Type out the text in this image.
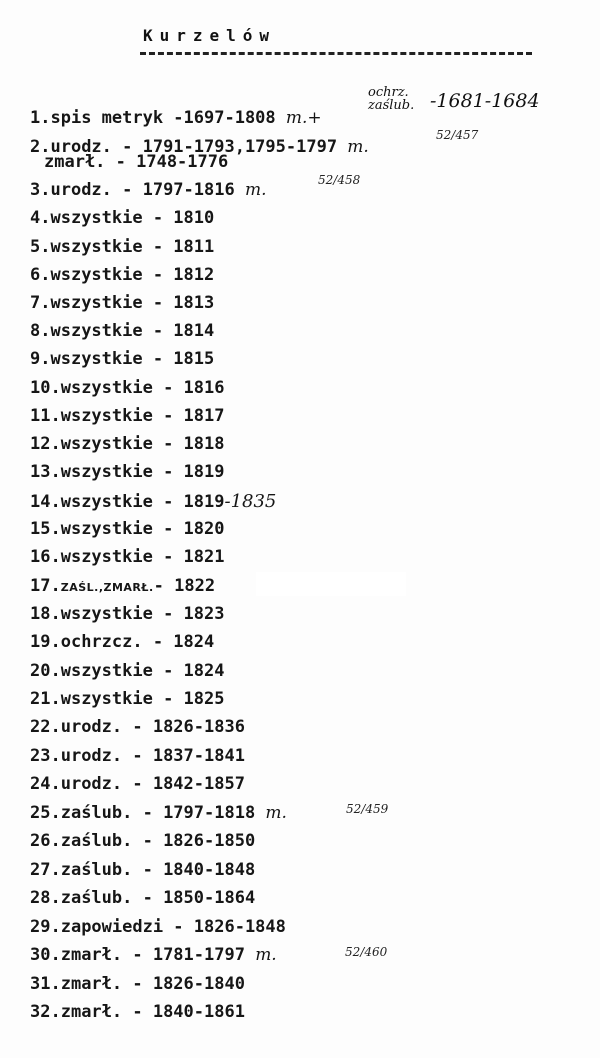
Kurzelów
1.spis metryk -1697-1808 m.+
ochrz.
zaślub. -1681-1684
2.urodz. - 1791-1793,1795-1797 m.
52/457
zmarł. - 1748-1776
3.urodz. - 1797-1816 m.	52/458
4.wszystkie - 1810
5.wszystkie - 1811
6.wszystkie - 1812
7.wszystkie - 1813
8.wszystkie - 1814
9.wszystkie - 1815
10.wszystkie - 1816
11.wszystkie - 1817
12.wszystkie - 1818
13.wszystkie - 1819
14.wszystkie - 1819-1835
15.wszystkie - 1820
16.wszystkie - 1821
17.ZAŚL.,ZMARŁ.- 1822
18.wszystkie - 1823
19.ochrzcz. - 1824
20.wszystkie - 1824
21.wszystkie - 1825
22.urodz. - 1826-1836
23.urodz. - 1837-1841
24.urodz. - 1842-1857
25.zaślub. - 1797-1818 m.	52/459
26.zaślub. - 1826-1850
27.zaślub. - 1840-1848
28.zaślub. - 1850-1864
29.zapowiedzi - 1826-1848
30.zmarł. - 1781-1797 m.	52/460
31.zmarł. - 1826-1840
32.zmarł. - 1840-1861
